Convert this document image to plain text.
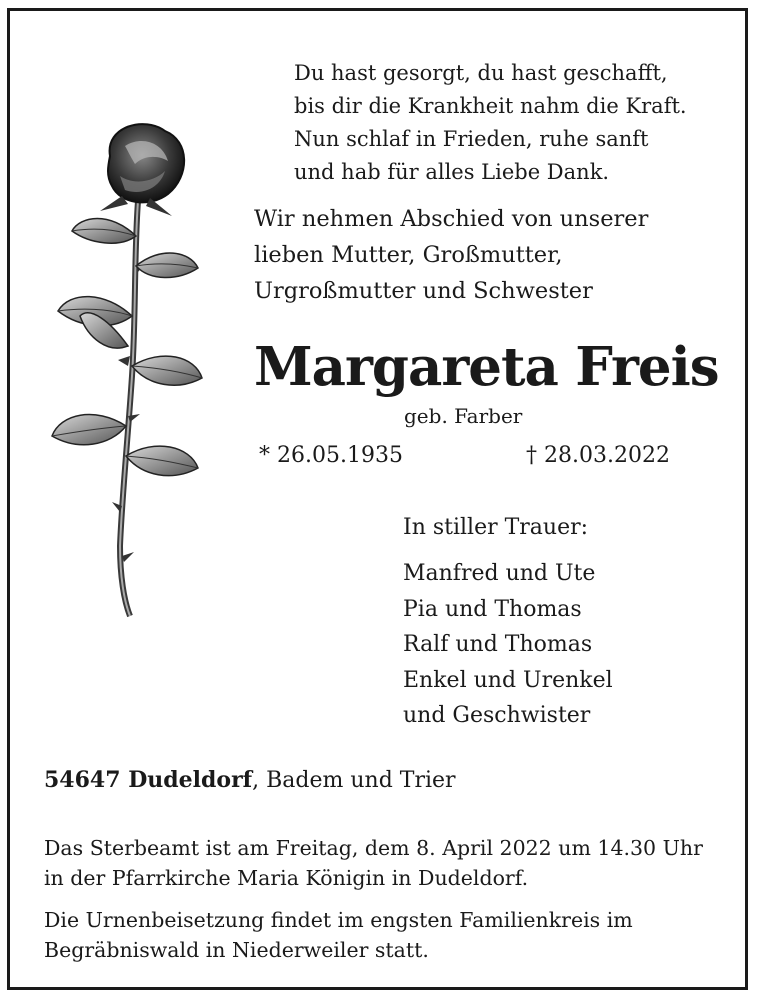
Du hast gesorgt, du hast geschafft,
bis dir die Krankheit nahm die Kraft.
Nun schlaf in Frieden, ruhe sanft
und hab für alles Liebe Dank.
Wir nehmen Abschied von unserer
lieben Mutter, Großmutter,
Urgroßmutter und Schwester
Margareta Freis
geb. Farber
* 26.05.1935	† 28.03.2022
In stiller Trauer:
Manfred und Ute
Pia und Thomas
Ralf und Thomas
Enkel und Urenkel
und Geschwister
54647 Dudeldorf, Badem und Trier
Das Sterbeamt ist am Freitag, dem 8. April 2022 um 14.30 Uhr
in der Pfarrkirche Maria Königin in Dudeldorf.
Die Urnenbeisetzung findet im engsten Familienkreis im
Begräbniswald in Niederweiler statt.
